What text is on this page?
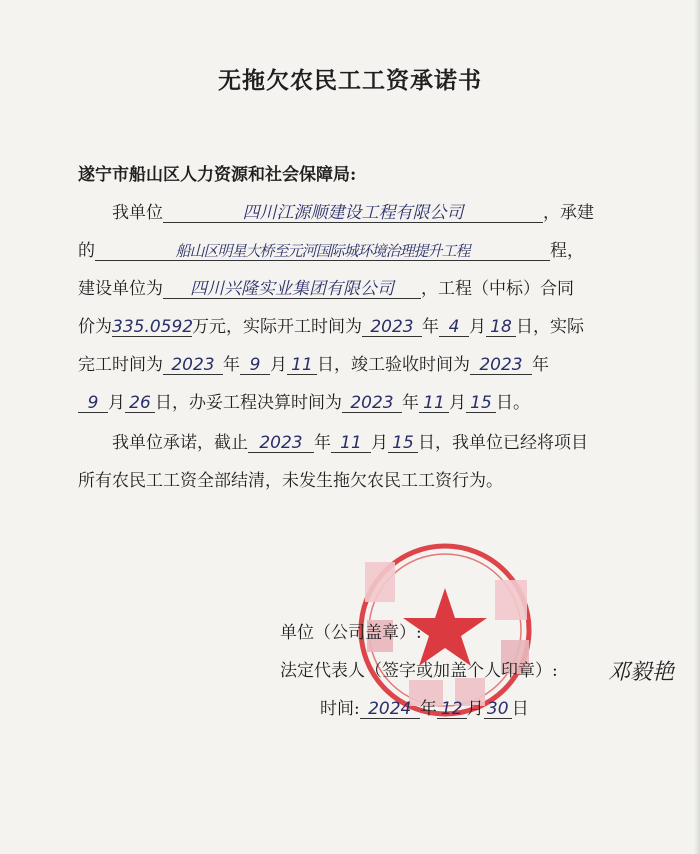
无拖欠农民工工资承诺书
遂宁市船山区人力资源和社会保障局:
我单位	四川江源顺建设工程有限公司	，承建
的	船山区明星大桥至元河国际城环境治理提升工程	程，
建设单位为 四川兴隆实业集团有限公司 ，工程（中标）合同
价为335.0592万元，实际开工时间为 2023 年 4 月 18 日，实际
完工时间为 2023 年 9 月 11 日，竣工验收时间为 2023 年
9 月 26 日，办妥工程决算时间为 2023 年 11 月 15 日。
我单位承诺，截止 2023 年 11 月 15 日，我单位已经将项目
所有农民工工资全部结清，未发生拖欠农民工工资行为。
单位（公司盖章）:
法定代表人（签字或加盖个人印章）: 邓毅艳
时间: 2024 年 12 月 30 日
